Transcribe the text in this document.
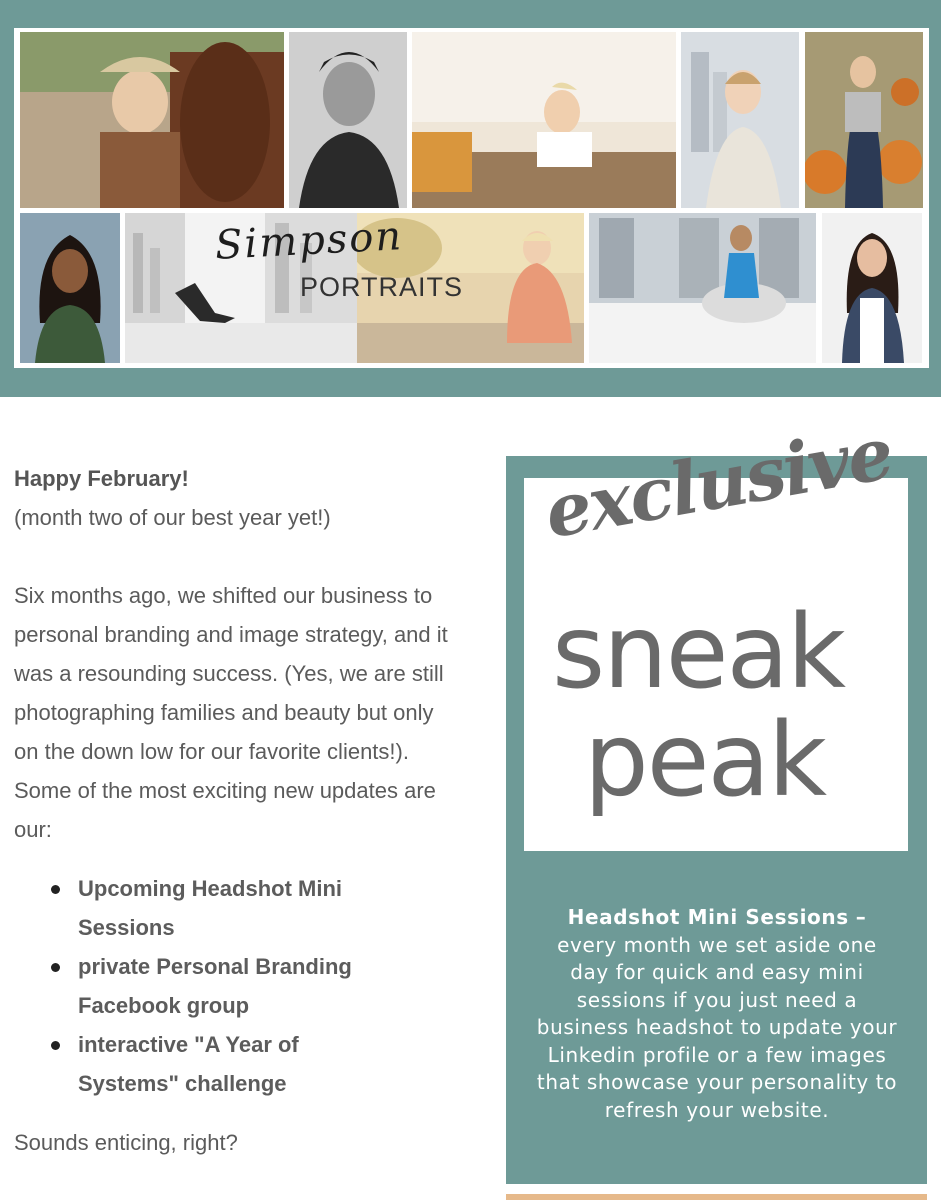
Simpson
PORTRAITS

Happy February!

(month two of our best year yet!)

Six months ago, we shifted our business to personal branding and image strategy, and it was a resounding success. (Yes, we are still photographing families and beauty but only on the down low for our favorite clients!). Some of the most exciting new updates are our:

Upcoming Headshot Mini Sessions
private Personal Branding Facebook group
interactive "A Year of Systems" challenge

Sounds enticing, right?

exclusive
sneak
peak
Headshot Mini Sessions – every month we set aside one day for quick and easy mini sessions if you just need a business headshot to update your Linkedin profile or a few images that showcase your personality to refresh your website.
